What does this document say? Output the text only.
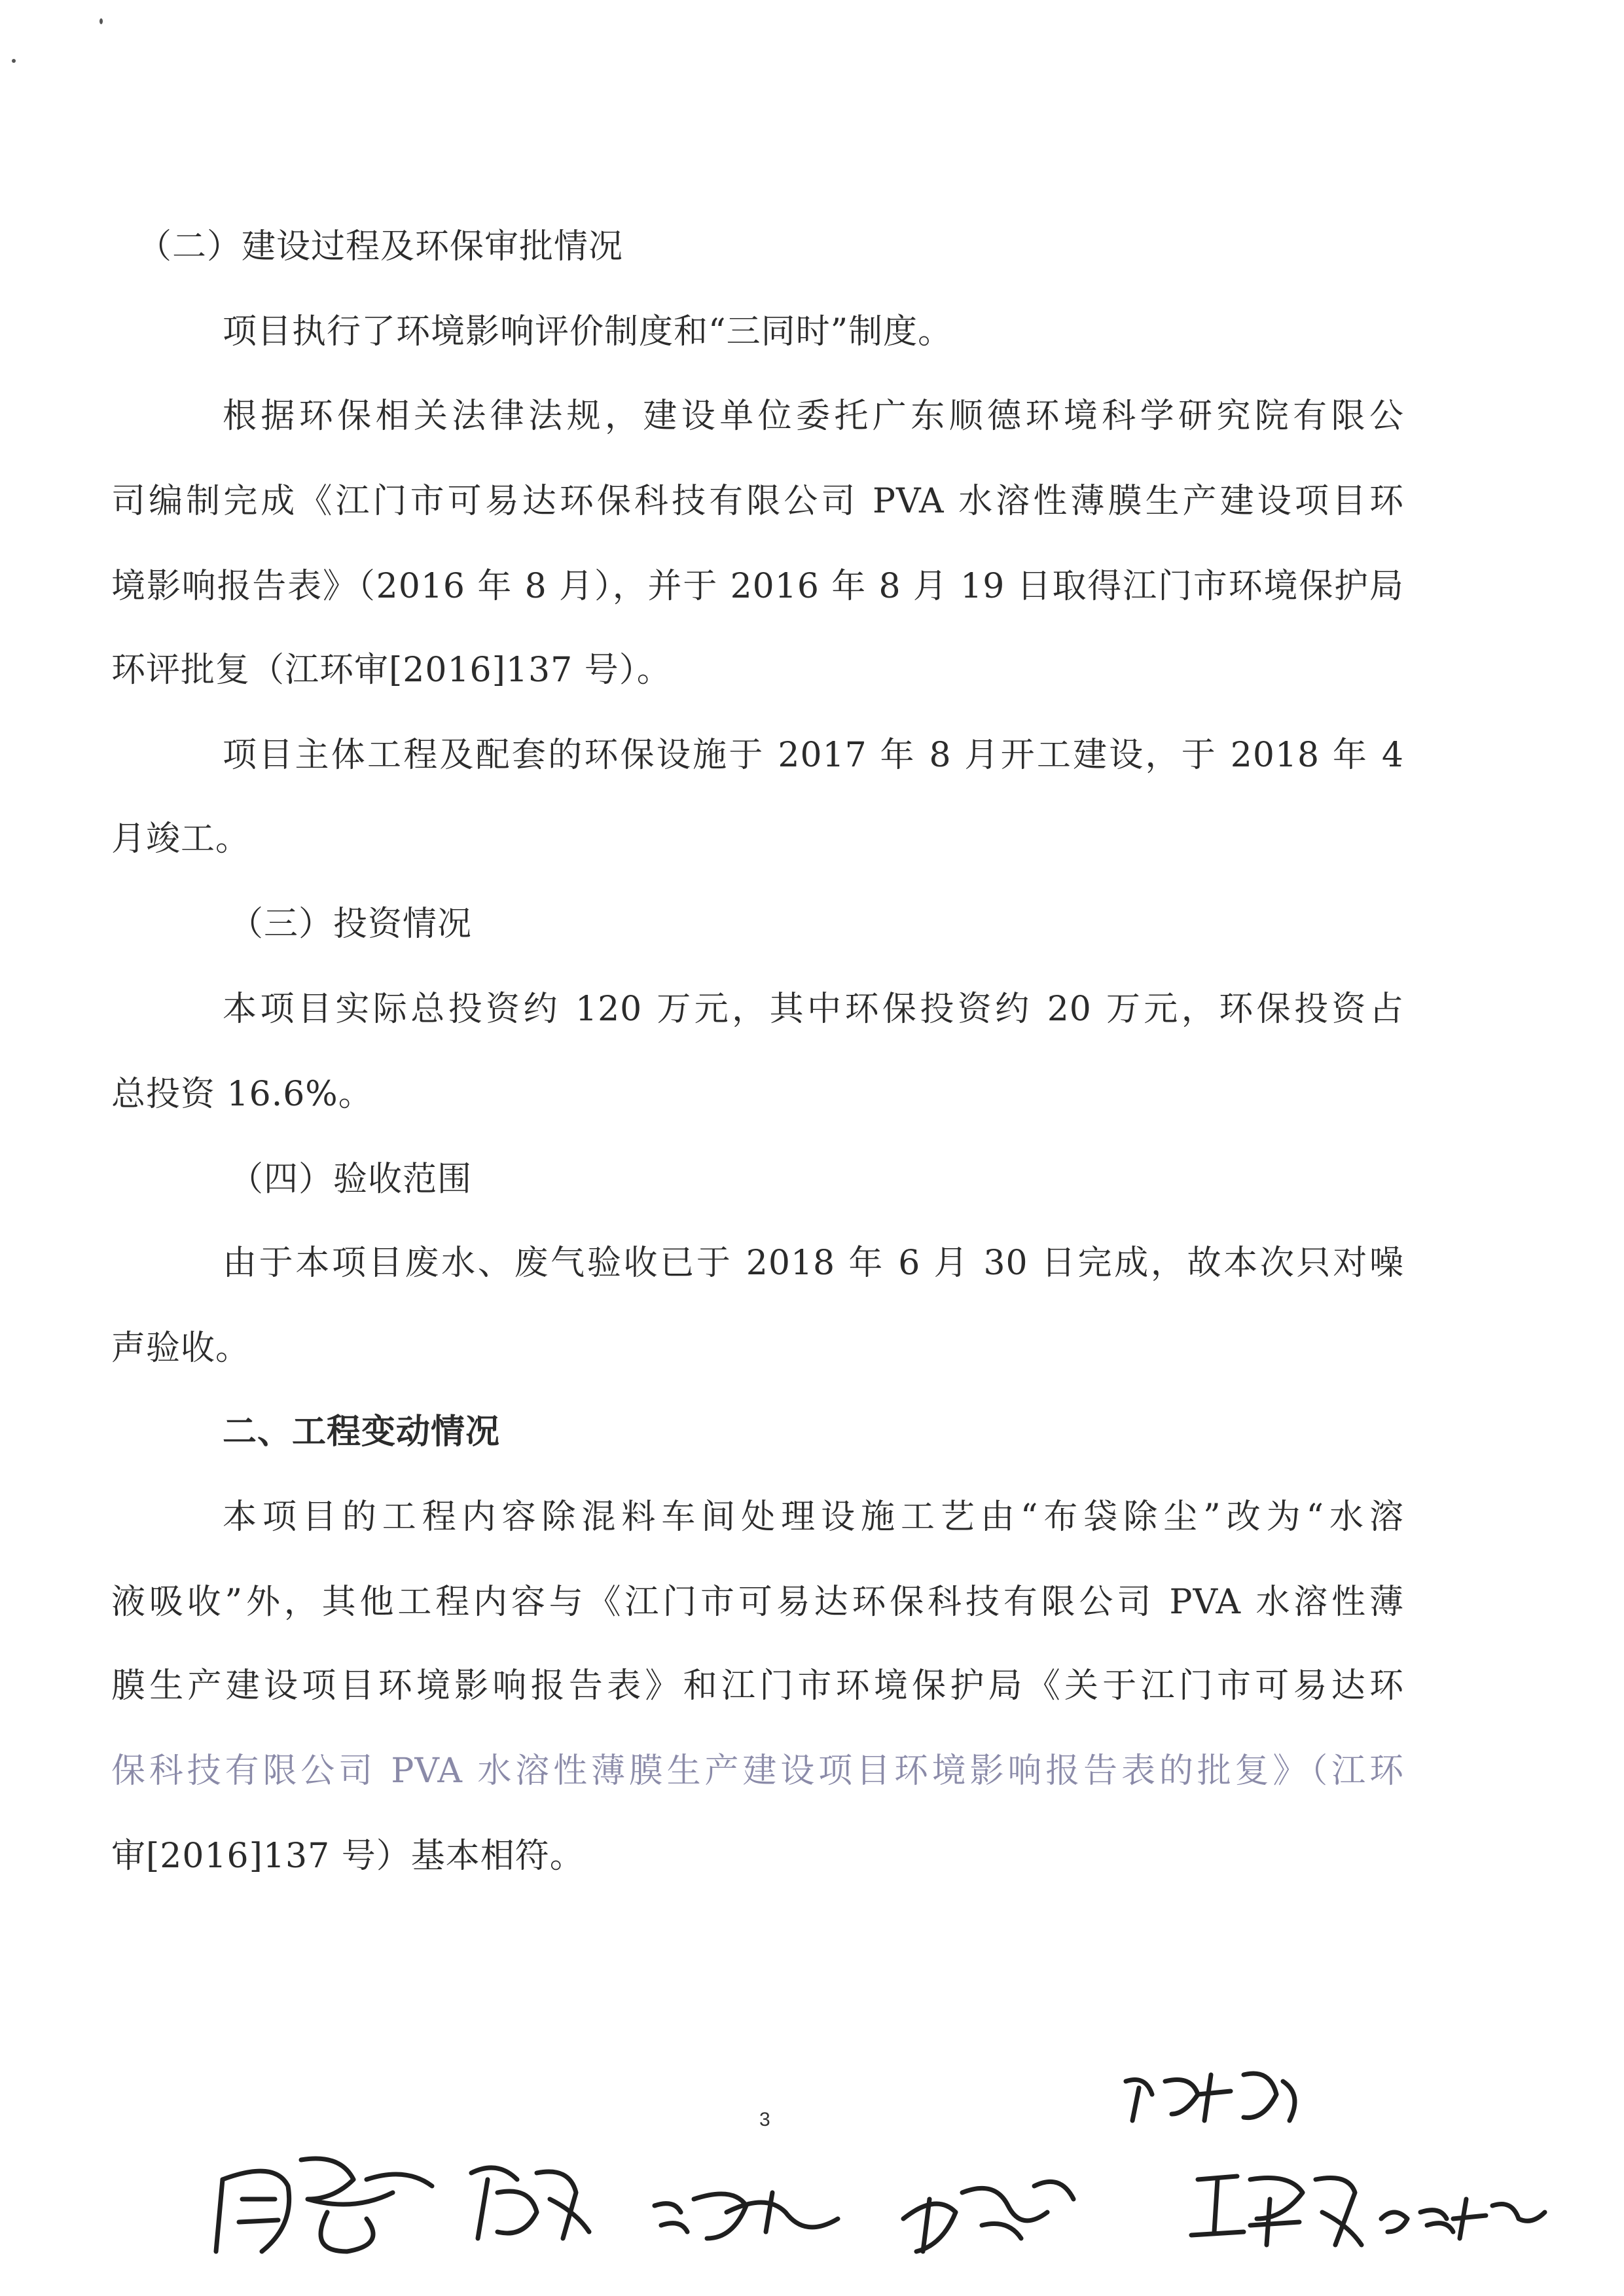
（二）建设过程及环保审批情况
项目执行了环境影响评价制度和“三同时”制度。
根据环保相关法律法规，建设单位委托广东顺德环境科学研究院有限公
司编制完成《江门市可易达环保科技有限公司 PVA 水溶性薄膜生产建设项目环
境影响报告表》（2016 年 8 月），并于 2016 年 8 月 19 日取得江门市环境保护局
环评批复（江环审[2016]137 号）。
项目主体工程及配套的环保设施于 2017 年 8 月开工建设，于 2018 年 4
月竣工。
（三）投资情况
本项目实际总投资约 120 万元，其中环保投资约 20 万元，环保投资占
总投资 16.6%。
（四）验收范围
由于本项目废水、废气验收已于 2018 年 6 月 30 日完成，故本次只对噪
声验收。
二、工程变动情况
本项目的工程内容除混料车间处理设施工艺由“布袋除尘”改为“水溶
液吸收”外，其他工程内容与《江门市可易达环保科技有限公司 PVA 水溶性薄
膜生产建设项目环境影响报告表》和江门市环境保护局《关于江门市可易达环
保科技有限公司 PVA 水溶性薄膜生产建设项目环境影响报告表的批复》（江环
审[2016]137 号）基本相符。
3
